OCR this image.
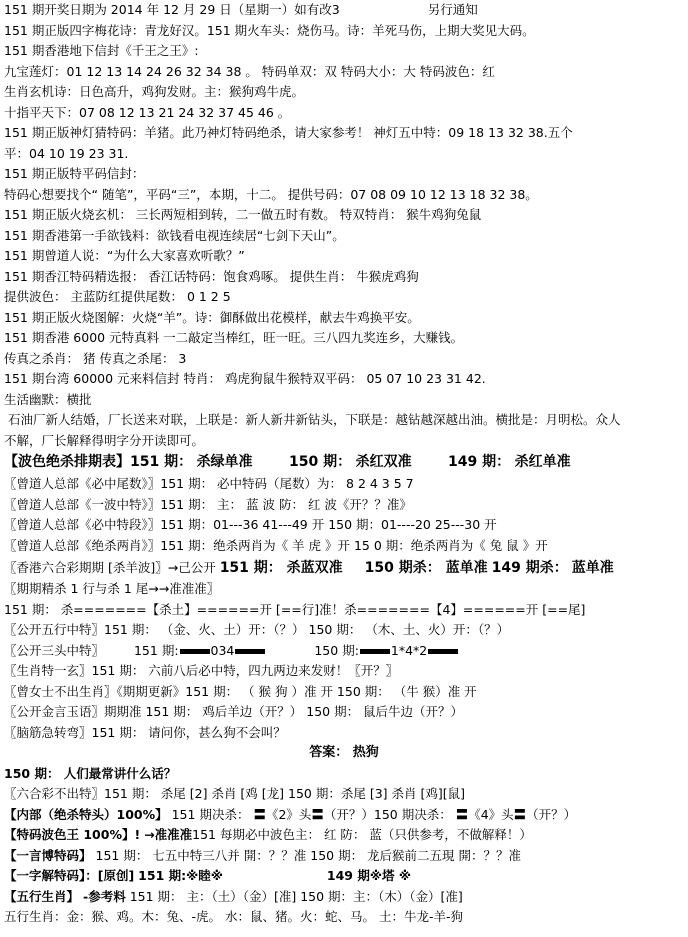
151 期开奖日期为 2014 年 12 月 29 日（星期一）如有改3	另行通知
151 期正版四字梅花诗：青龙好汉。151 期火车头：烧伤马。诗：羊死马伤，上期大奖见大码。
151 期香港地下信封《千王之王》:
九宝莲灯：01 12 13 14 24 26 32 34 38 。 特码单双：双 特码大小：大 特码波色：红
生肖玄机诗：日色高升，鸡狗发财。主：猴狗鸡牛虎。
十指平天下：07 08 12 13 21 24 32 37 45 46 。
151 期正版神灯猜特码：羊猪。此乃神灯特码绝杀，请大家参考！ 神灯五中特：09 18 13 32 38.五个
平：04 10 19 23 31.
151 期正版特平码信封：
特码心想要找个“ 随笔”，平码“三”，本期，十二。 提供号码：07 08 09 10 12 13 18 32 38。
151 期正版火烧玄机： 三长两短相到转，二一做五时有数。 特双特肖： 猴牛鸡狗兔鼠
151 期香港第一手欲钱料：欲钱看电视连续居“七剑下天山”。
151 期曾道人说：“为什么大家喜欢听歌？”
151 期香江特码精选报： 香江话特码：饱食鸡啄。 提供生肖： 牛猴虎鸡狗
提供波色： 主蓝防红提供尾数： 0 1 2 5
151 期正版火烧图解：火烧“羊”。诗：御酥做出花模样，献去牛鸡换平安。
151 期香港 6000 元特真料 一二敲定当棒红，旺一旺。三八四九奖连乡，大赚钱。
传真之杀肖： 猪 传真之杀尾： 3
151 期台湾 60000 元来料信封 特肖： 鸡虎狗鼠牛猴特双平码： 05 07 10 23 31 42.
生活幽默：横批
石油厂新人结婚，厂长送来对联，上联是：新人新井新钻头，下联是：越钻越深越出油。横批是：月明松。众人
不解，厂长解释得明字分开读即可。
【波色绝杀排期表】151 期： 杀绿单准	150 期： 杀红双准	149 期： 杀红单准
〖曾道人总部《必中尾数》〗151 期： 必中特码（尾数）为： 8 2 4 3 5 7
〖曾道人总部《一波中特》〗151 期： 主： 蓝 波 防： 红 波《开？？准》
〖曾道人总部《必中特段》〗151 期：01---36 41---49 开 150 期：01----20 25---30 开
〖曾道人总部《绝杀两肖》〗151 期：绝杀两肖为《 羊 虎 》开 15 0 期：绝杀两肖为《 兔 鼠 》开
〖香港六合彩期期 [杀羊波]〗→己公开 151 期： 杀蓝双准 150 期杀： 蓝单准 149 期杀： 蓝单准
〖期期精杀 1 行与杀 1 尾→→准准准〗
151 期： 杀=======【杀土】======开 [==行]准！杀=======【4】======开 [==尾]
〖公开五行中特〗151 期： （金、火、土）开：（？） 150 期： （木、土、火）开：（？）
〖公开三头中特〗 151 期:	034	150 期:	1*4*2
〖生肖特一玄〗151 期： 六前八后必中特，四九两边来发财！〖开？〗
〖曾女士不出生肖〗《期期更新》151 期： （ 猴 狗 ）准 开 150 期： （牛 猴）准 开
〖公开金言玉语〗期期准 151 期： 鸡后羊边（开？） 150 期： 鼠后牛边（开？）
〖脑筋急转弯〗151 期： 请问你，甚么狗不会叫？
答案： 热狗
150 期： 人们最常讲什么话？
〖六合彩不出特〗151 期： 杀尾 [2] 杀肖 [鸡 [龙] 150 期：杀尾 [3] 杀肖 [鸡][鼠]
【内部（绝杀特头）100%】 151 期决杀： 〓《2》头〓（开？）150 期决杀： 〓《4》头〓（开？）
【特码波色王 100%】! →准准准151 每期必中波色主： 红 防： 蓝（只供参考，不做解释！）
【一言博特码】 151 期： 七五中特三八并 開：？？准 150 期： 龙后猴前二五現 開：？？准
【一字解特码】：[原创] 151 期:※睦※	149 期※塔 ※
【五行生肖】 -参考料 151 期： 主：（土）（金）[准] 150 期：主：（木）（金）[准]
五行生肖：金：猴、鸡。木：兔、-虎。 水：鼠、猪。火：蛇、马。 土：牛龙-羊-狗
